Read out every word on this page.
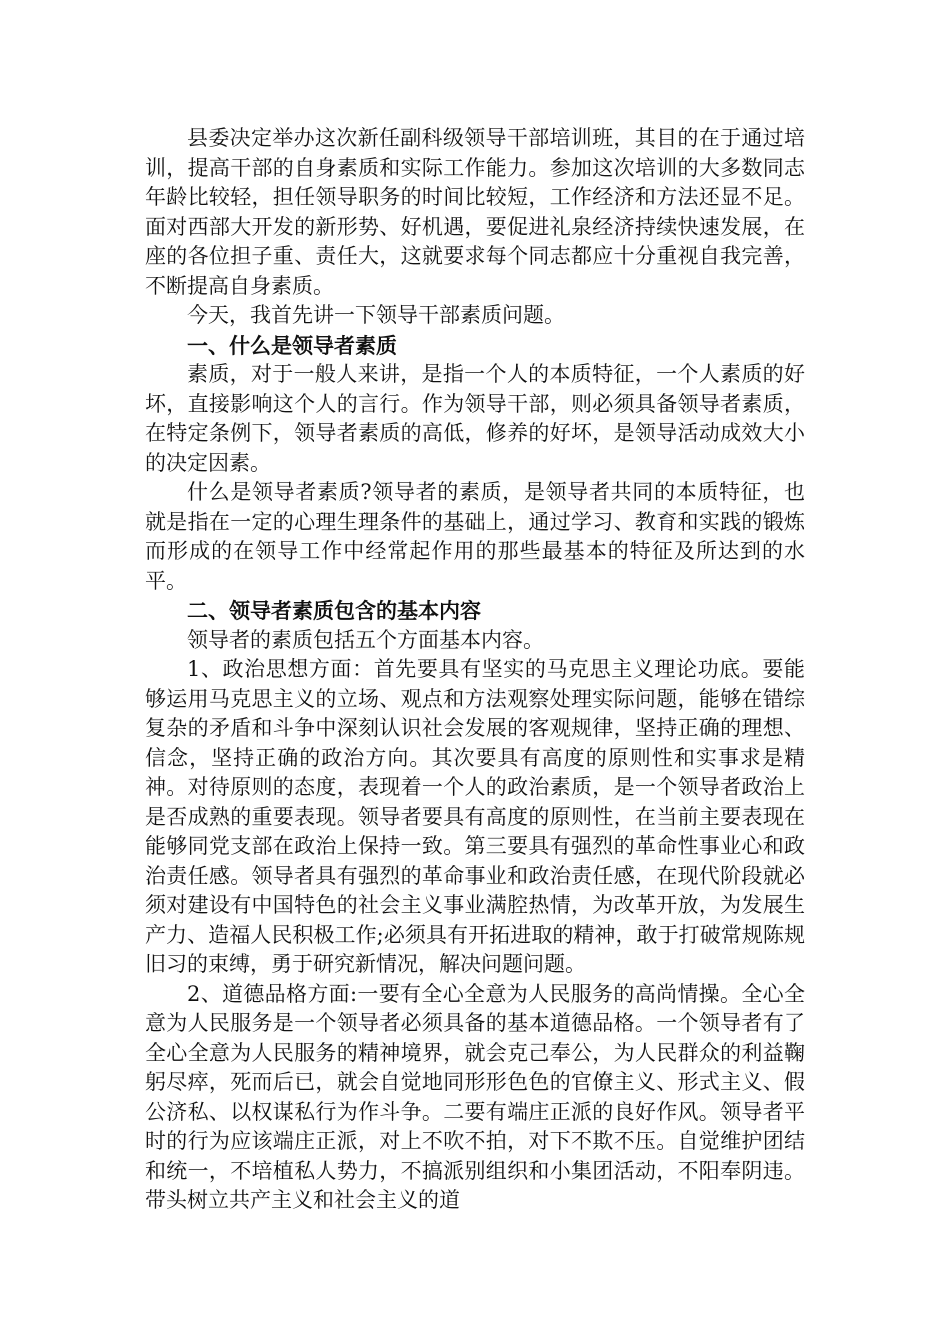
县委决定举办这次新任副科级领导干部培训班，其目的在于通过培训，提高干部的自身素质和实际工作能力。参加这次培训的大多数同志年龄比较轻，担任领导职务的时间比较短，工作经济和方法还显不足。面对西部大开发的新形势、好机遇，要促进礼泉经济持续快速发展，在座的各位担子重、责任大，这就要求每个同志都应十分重视自我完善，不断提高自身素质。

今天，我首先讲一下领导干部素质问题。

一、什么是领导者素质

素质，对于一般人来讲，是指一个人的本质特征，一个人素质的好坏，直接影响这个人的言行。作为领导干部，则必须具备领导者素质，在特定条例下，领导者素质的高低，修养的好坏，是领导活动成效大小的决定因素。

什么是领导者素质?领导者的素质，是领导者共同的本质特征，也就是指在一定的心理生理条件的基础上，通过学习、教育和实践的锻炼而形成的在领导工作中经常起作用的那些最基本的特征及所达到的水平。

二、领导者素质包含的基本内容

领导者的素质包括五个方面基本内容。

1、政治思想方面：首先要具有坚实的马克思主义理论功底。要能够运用马克思主义的立场、观点和方法观察处理实际问题，能够在错综复杂的矛盾和斗争中深刻认识社会发展的客观规律，坚持正确的理想、信念，坚持正确的政治方向。其次要具有高度的原则性和实事求是精神。对待原则的态度，表现着一个人的政治素质，是一个领导者政治上是否成熟的重要表现。领导者要具有高度的原则性，在当前主要表现在能够同党支部在政治上保持一致。第三要具有强烈的革命性事业心和政治责任感。领导者具有强烈的革命事业和政治责任感，在现代阶段就必须对建设有中国特色的社会主义事业满腔热情，为改革开放，为发展生产力、造福人民积极工作;必须具有开拓进取的精神，敢于打破常规陈规旧习的束缚，勇于研究新情况，解决问题问题。

2、道德品格方面:一要有全心全意为人民服务的高尚情操。全心全意为人民服务是一个领导者必须具备的基本道德品格。一个领导者有了全心全意为人民服务的精神境界，就会克己奉公，为人民群众的利益鞠躬尽瘁，死而后已，就会自觉地同形形色色的官僚主义、形式主义、假公济私、以权谋私行为作斗争。二要有端庄正派的良好作风。领导者平时的行为应该端庄正派，对上不吹不拍，对下不欺不压。自觉维护团结和统一，不培植私人势力，不搞派别组织和小集团活动，不阳奉阴违。带头树立共产主义和社会主义的道
